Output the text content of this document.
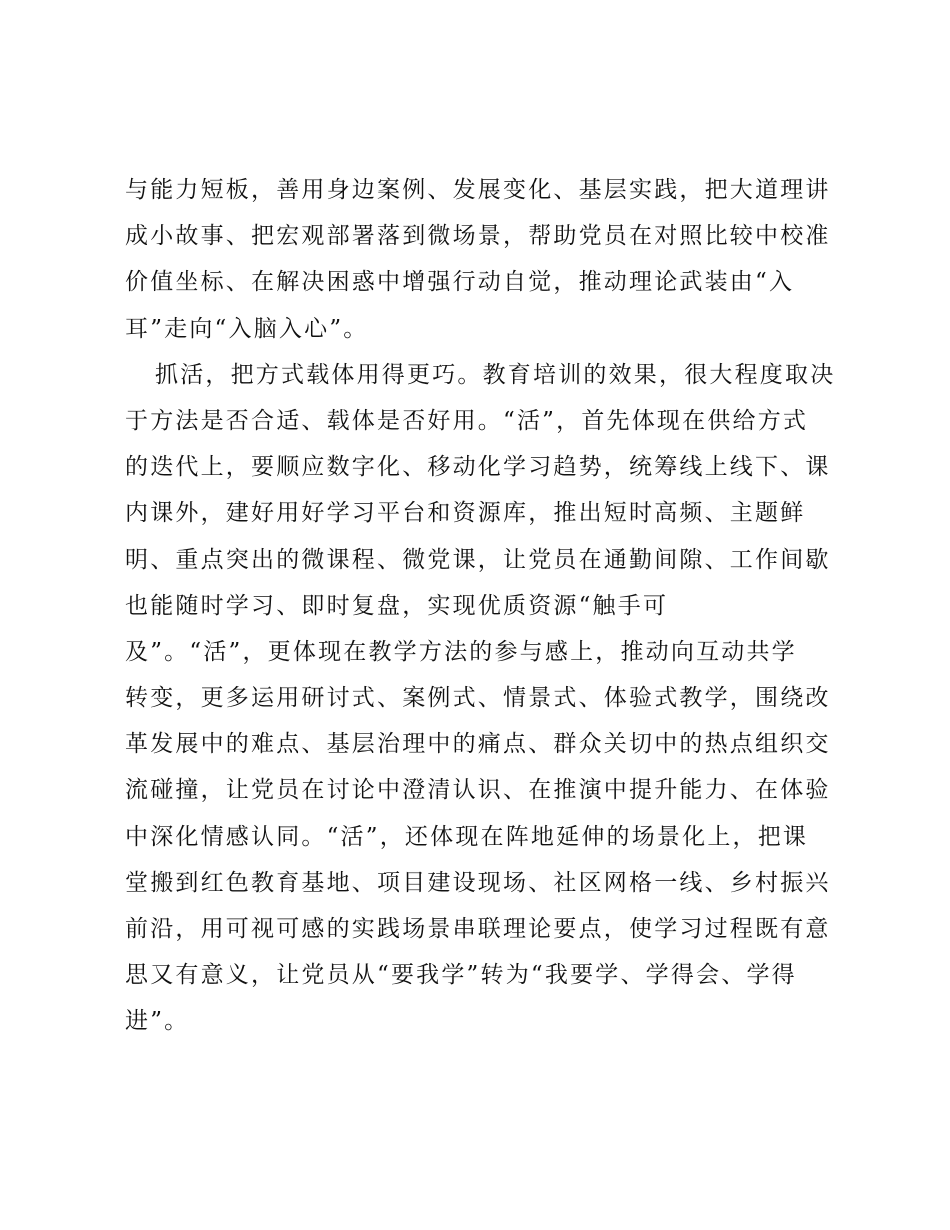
与能力短板，善用身边案例、发展变化、基层实践，把大道理讲

成小故事、把宏观部署落到微场景，帮助党员在对照比较中校准

价值坐标、在解决困惑中增强行动自觉，推动理论武装由“入

耳”走向“入脑入心”。

抓活，把方式载体用得更巧。教育培训的效果，很大程度取决

于方法是否合适、载体是否好用。“活”，首先体现在供给方式

的迭代上，要顺应数字化、移动化学习趋势，统筹线上线下、课

内课外，建好用好学习平台和资源库，推出短时高频、主题鲜

明、重点突出的微课程、微党课，让党员在通勤间隙、工作间歇

也能随时学习、即时复盘，实现优质资源“触手可

及”。“活”，更体现在教学方法的参与感上，推动向互动共学

转变，更多运用研讨式、案例式、情景式、体验式教学，围绕改

革发展中的难点、基层治理中的痛点、群众关切中的热点组织交

流碰撞，让党员在讨论中澄清认识、在推演中提升能力、在体验

中深化情感认同。“活”，还体现在阵地延伸的场景化上，把课

堂搬到红色教育基地、项目建设现场、社区网格一线、乡村振兴

前沿，用可视可感的实践场景串联理论要点，使学习过程既有意

思又有意义，让党员从“要我学”转为“我要学、学得会、学得

进”。
